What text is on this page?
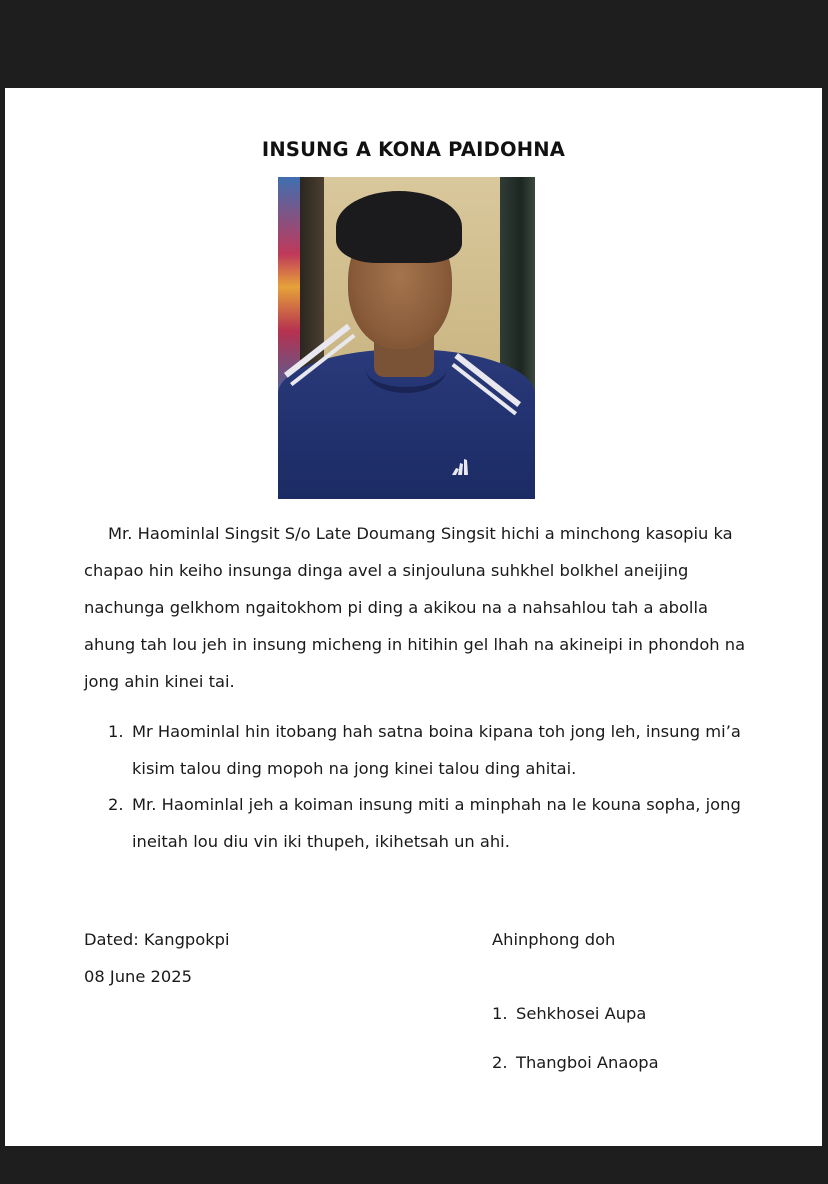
INSUNG A KONA PAIDOHNA
Mr. Haominlal Singsit S/o Late Doumang Singsit hichi a minchong kasopiu ka
chapao hin keiho insunga dinga avel a sinjouluna suhkhel bolkhel aneijing
nachunga gelkhom ngaitokhom pi ding a akikou na a nahsahlou tah a abolla
ahung tah lou jeh in insung micheng in hitihin gel lhah na akineipi in phondoh na
jong ahin kinei tai.
1. Mr Haominlal hin itobang hah satna boina kipana toh jong leh, insung mi’a
kisim talou ding mopoh na jong kinei talou ding ahitai.
2. Mr. Haominlal jeh a koiman insung miti a minphah na le kouna sopha, jong
ineitah lou diu vin iki thupeh, ikihetsah un ahi.
Dated: Kangpokpi
08 June 2025
Ahinphong doh
1. Sehkhosei Aupa
2. Thangboi Anaopa
